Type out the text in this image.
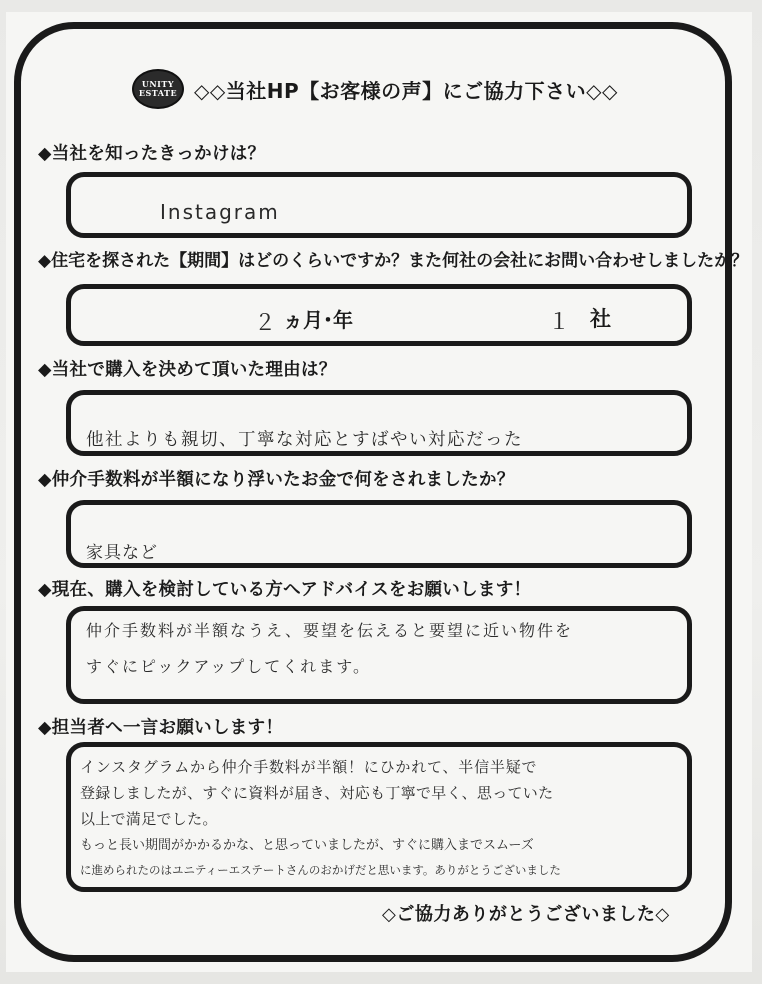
UNITY
ESTATE ◇◇当社HP【お客様の声】にご協力下さい◇◇
◆当社を知ったきっかけは？
Instagram
◆住宅を探された【期間】はどのくらいですか？また何社の会社にお問い合わせしましたか？
２ ヵ月･年	１ 社
◆当社で購入を決めて頂いた理由は？
他社よりも親切、丁寧な対応とすばやい対応だった
◆仲介手数料が半額になり浮いたお金で何をされましたか？
家具など
◆現在、購入を検討している方へアドバイスをお願いします！
仲介手数料が半額なうえ、要望を伝えると要望に近い物件を
すぐにピックアップしてくれます。
◆担当者へ一言お願いします！
インスタグラムから仲介手数料が半額！にひかれて、半信半疑で
登録しましたが、すぐに資料が届き、対応も丁寧で早く、思っていた
以上で満足でした。
もっと長い期間がかかるかな、と思っていましたが、すぐに購入までスムーズ
に進められたのはユニティーエステートさんのおかげだと思います。ありがとうございました
◇ご協力ありがとうございました◇
